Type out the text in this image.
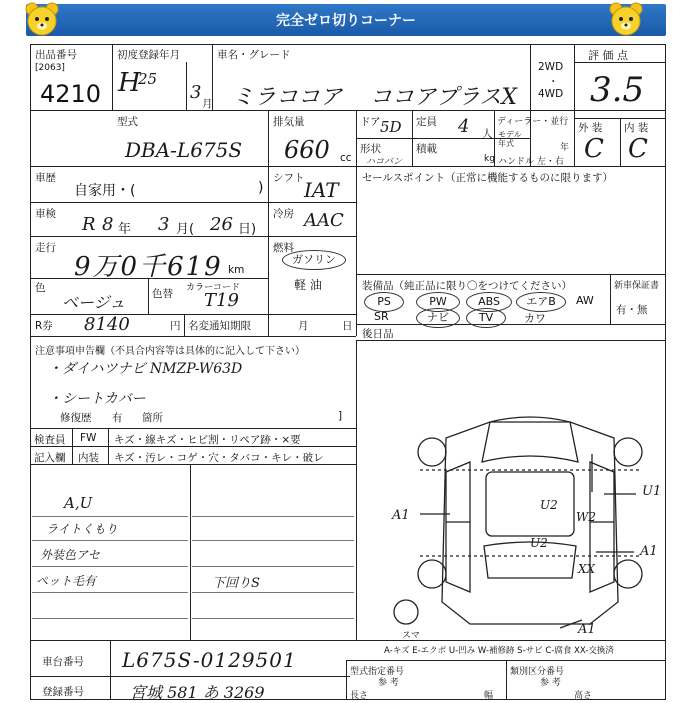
完全ゼロ切りコーナー
出品番号
[2063]
4210
初度登録年月
H
25
3
月
車名・グレード
ミラココア ココアプラスX
2WD
・
4WD
評 価 点
3.5
型式
DBA-L675S
排気量
660 cc
ドア 5D 定員 4 人
ディーラー・並行
形状
ハコバン
積載
kg
モデル年式	年
ハンドル 左・右
外 装 内 装
C C
車歴
自家用・(	)
車検 R 8 年 3 月( 26 日)
走行
9万0千619 km
色
ベージュ	色替 カラーコード
T19
R券 8140	円 名変通知期限	月	日
シフト IAT
冷房 AAC
燃料
ガソリン
軽 油
セールスポイント（正常に機能するものに限ります）
装備品（純正品に限り〇をつけてください）	新車保証書
有・無
PS	PW	ABS	エアB	AW
SR	ナビ	TV	カワ
後日品
注意事項申告欄（不具合内容等は具体的に記入して下さい）
・ダイハツナビ NMZP-W63D
・シートカバー
修復歴 有 箇所	]
検査員 FW キズ・線キズ・ヒビ割・リペア跡・×要
記入欄 内装 キズ・汚レ・コゲ・穴・タバコ・キレ・破レ
A,U
ライトくもり
外装色アセ
ペット毛有	下回りS
A1
U1
U2
W2
U2
A1
XX
A1
スマ
A-キズ E-エクボ U-凹み W-補修跡 S-サビ C-腐食 XX-交換済
車台番号 L675S-0129501
登録番号	宮城 581 あ 3269
型式指定番号	類別区分番号
参 考	参 考
長さ	幅	高さ
